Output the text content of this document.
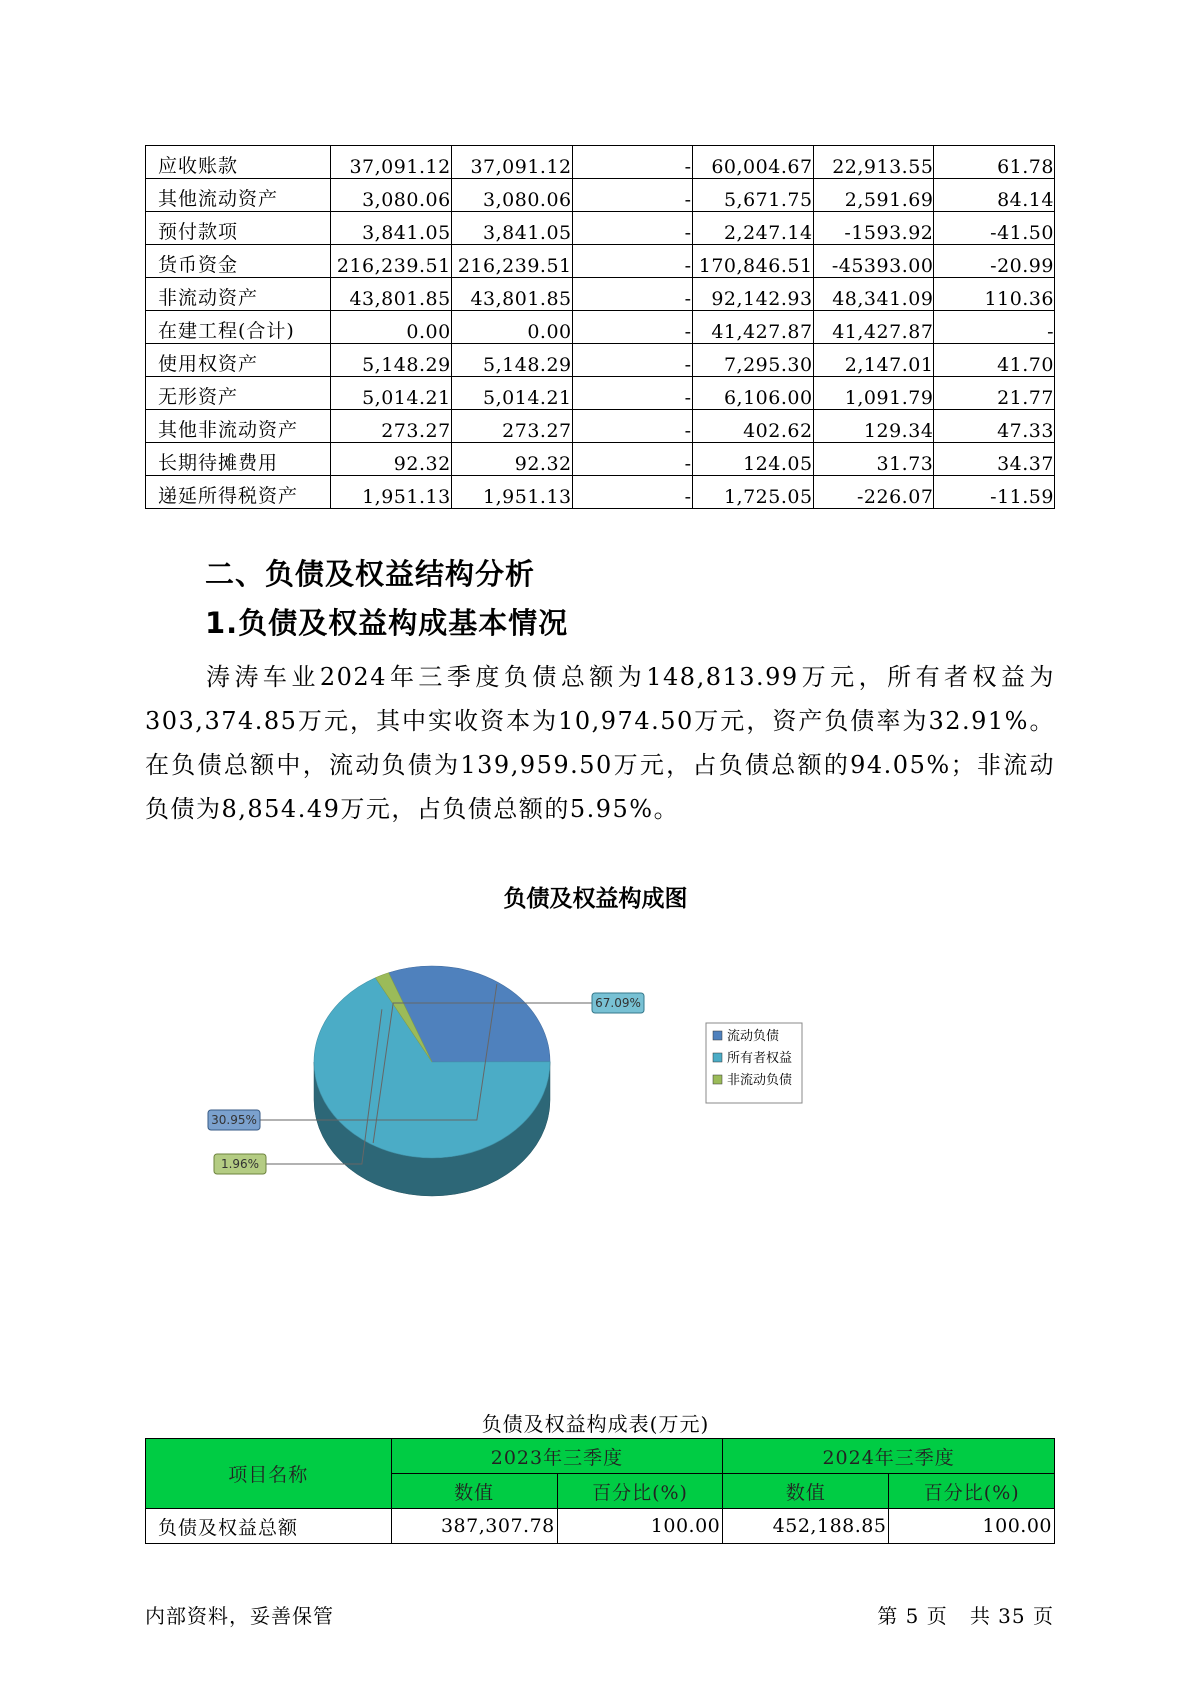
应收账款	37,091.12	37,091.12	-	60,004.67	22,913.55	61.78
其他流动资产	3,080.06	3,080.06	-	5,671.75	2,591.69	84.14
预付款项	3,841.05	3,841.05	-	2,247.14	-1593.92	-41.50
货币资金	216,239.51	216,239.51	-	170,846.51	-45393.00	-20.99
非流动资产	43,801.85	43,801.85	-	92,142.93	48,341.09	110.36
在建工程(合计)	0.00	0.00	-	41,427.87	41,427.87	-
使用权资产	5,148.29	5,148.29	-	7,295.30	2,147.01	41.70
无形资产	5,014.21	5,014.21	-	6,106.00	1,091.79	21.77
其他非流动资产	273.27	273.27	-	402.62	129.34	47.33
长期待摊费用	92.32	92.32	-	124.05	31.73	34.37
递延所得税资产	1,951.13	1,951.13	-	1,725.05	-226.07	-11.59
二、负债及权益结构分析
1.负债及权益构成基本情况
涛涛车业2024年三季度负债总额为148,813.99万元，所有者权益为303,374.85万元，其中实收资本为10,974.50万元，资产负债率为32.91%。在负债总额中，流动负债为139,959.50万元，占负债总额的94.05%；非流动负债为8,854.49万元，占负债总额的5.95%。
负债及权益构成图
30.95%
67.09%
1.96%
流动负债
所有者权益
非流动负债
负债及权益构成表(万元)
项目名称	2023年三季度		2024年三季度	
	数值	百分比(%)	数值	百分比(%)
负债及权益总额	387,307.78	100.00	452,188.85	100.00
内部资料，妥善保管	第 5 页   共 35 页
